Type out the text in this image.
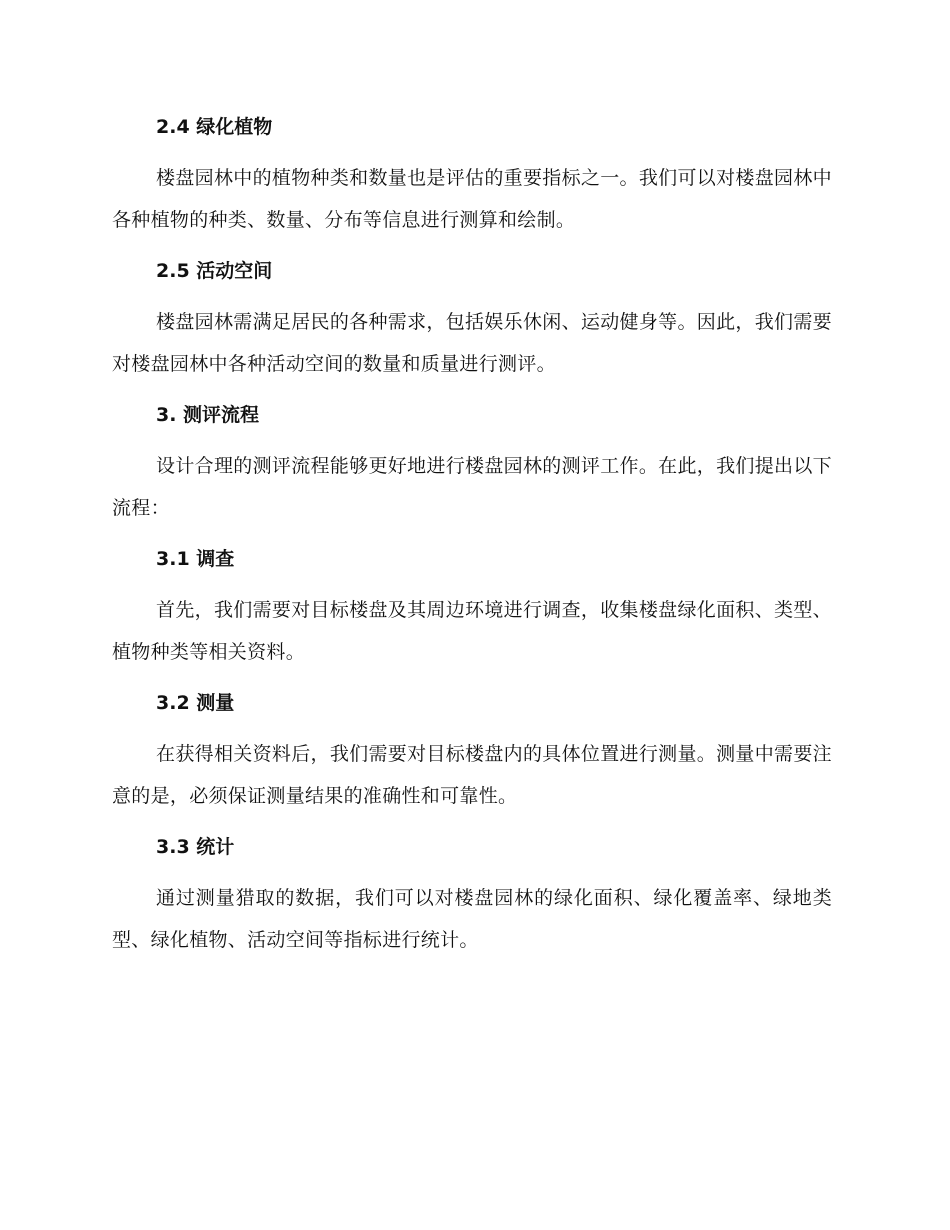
2.4 绿化植物

楼盘园林中的植物种类和数量也是评估的重要指标之一。我们可以对楼盘园林中各种植物的种类、数量、分布等信息进行测算和绘制。

2.5 活动空间

楼盘园林需满足居民的各种需求，包括娱乐休闲、运动健身等。因此，我们需要对楼盘园林中各种活动空间的数量和质量进行测评。

3. 测评流程

设计合理的测评流程能够更好地进行楼盘园林的测评工作。在此，我们提出以下流程：

3.1 调查

首先，我们需要对目标楼盘及其周边环境进行调查，收集楼盘绿化面积、类型、植物种类等相关资料。

3.2 测量

在获得相关资料后，我们需要对目标楼盘内的具体位置进行测量。测量中需要注意的是，必须保证测量结果的准确性和可靠性。

3.3 统计

通过测量猎取的数据，我们可以对楼盘园林的绿化面积、绿化覆盖率、绿地类型、绿化植物、活动空间等指标进行统计。
